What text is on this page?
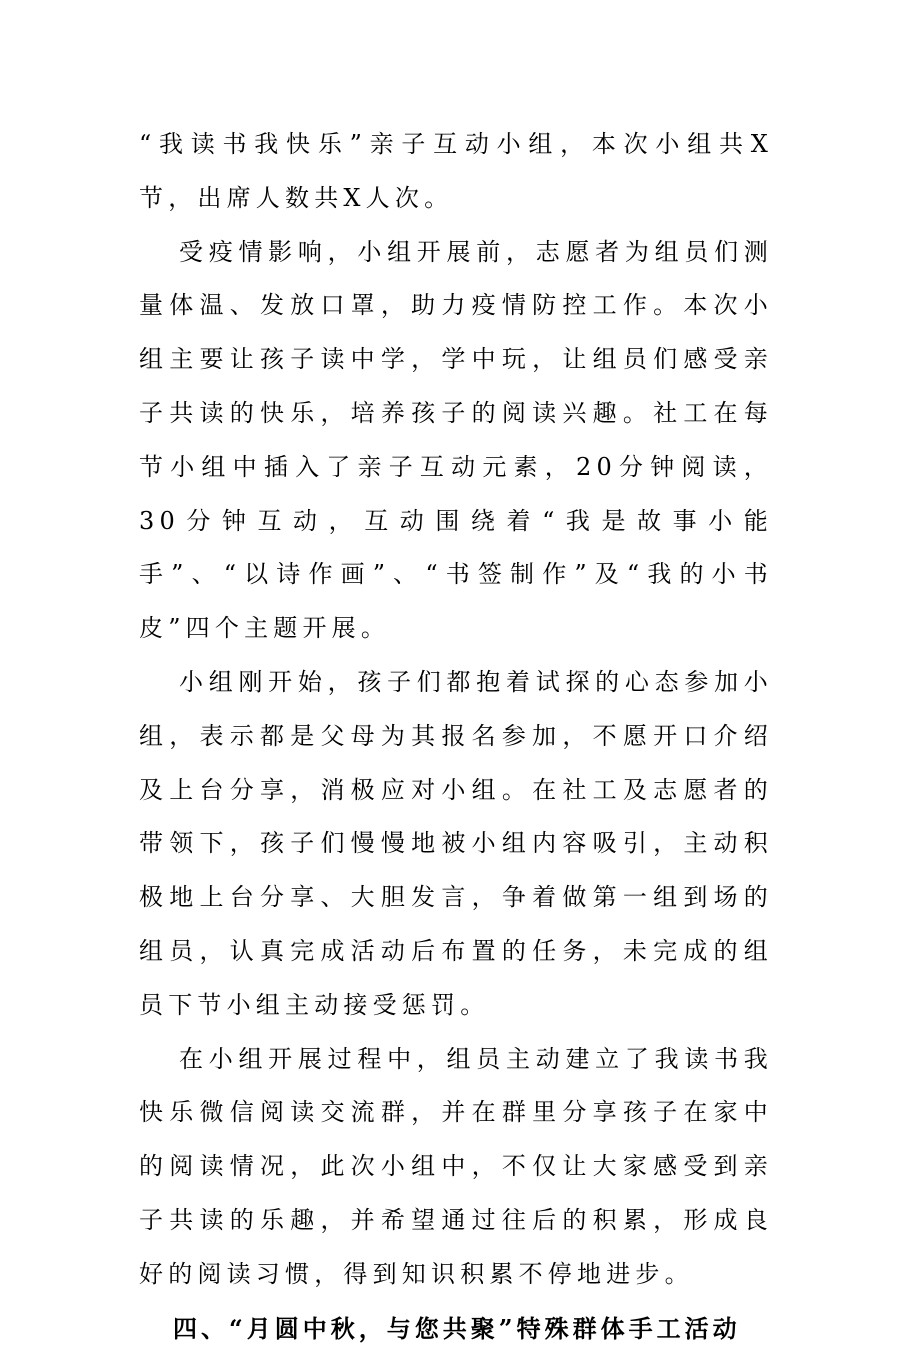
“我读书我快乐”亲子互动小组，本次小组共X节，出席人数共X人次。

受疫情影响，小组开展前，志愿者为组员们测量体温、发放口罩，助力疫情防控工作。本次小组主要让孩子读中学，学中玩，让组员们感受亲子共读的快乐，培养孩子的阅读兴趣。社工在每节小组中插入了亲子互动元素，20分钟阅读，30分钟互动，互动围绕着“我是故事小能手”、“以诗作画”、“书签制作”及“我的小书皮”四个主题开展。

小组刚开始，孩子们都抱着试探的心态参加小组，表示都是父母为其报名参加，不愿开口介绍及上台分享，消极应对小组。在社工及志愿者的带领下，孩子们慢慢地被小组内容吸引，主动积极地上台分享、大胆发言，争着做第一组到场的组员，认真完成活动后布置的任务，未完成的组员下节小组主动接受惩罚。

在小组开展过程中，组员主动建立了我读书我快乐微信阅读交流群，并在群里分享孩子在家中的阅读情况，此次小组中，不仅让大家感受到亲子共读的乐趣，并希望通过往后的积累，形成良好的阅读习惯，得到知识积累不停地进步。

四、“月圆中秋，与您共聚”特殊群体手工活动
